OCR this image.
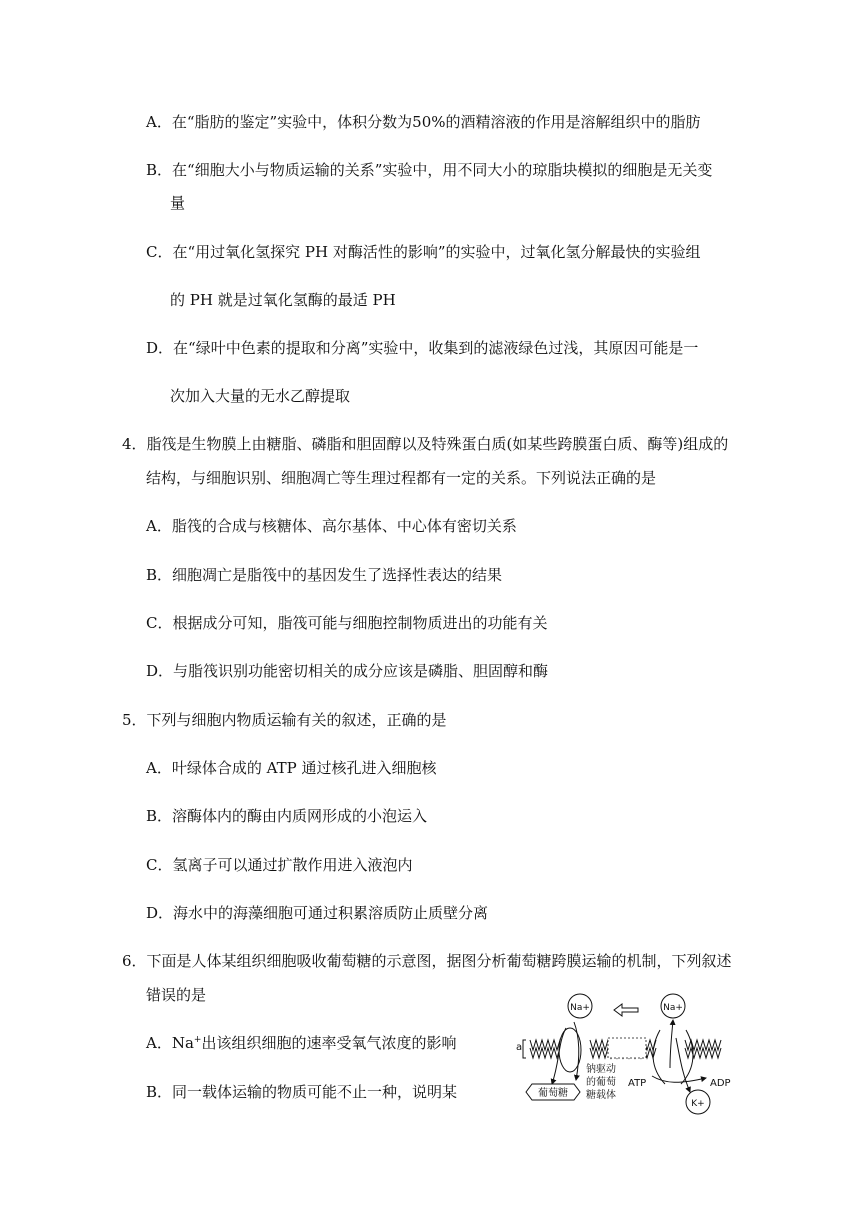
A．在“脂肪的鉴定”实验中，体积分数为50%的酒精溶液的作用是溶解组织中的脂肪
B．在“细胞大小与物质运输的关系”实验中，用不同大小的琼脂块模拟的细胞是无关变
量
C．在“用过氧化氢探究 PH 对酶活性的影响”的实验中，过氧化氢分解最快的实验组
的 PH 就是过氧化氢酶的最适 PH
D．在“绿叶中色素的提取和分离”实验中，收集到的滤液绿色过浅，其原因可能是一
次加入大量的无水乙醇提取
4．脂筏是生物膜上由糖脂、磷脂和胆固醇以及特殊蛋白质(如某些跨膜蛋白质、酶等)组成的
结构，与细胞识别、细胞凋亡等生理过程都有一定的关系。下列说法正确的是
A．脂筏的合成与核糖体、高尔基体、中心体有密切关系
B．细胞凋亡是脂筏中的基因发生了选择性表达的结果
C．根据成分可知，脂筏可能与细胞控制物质进出的功能有关
D．与脂筏识别功能密切相关的成分应该是磷脂、胆固醇和酶
5．下列与细胞内物质运输有关的叙述，正确的是
A．叶绿体合成的 ATP 通过核孔进入细胞核
B．溶酶体内的酶由内质网形成的小泡运入
C．氢离子可以通过扩散作用进入液泡内
D．海水中的海藻细胞可通过积累溶质防止质壁分离
6．下面是人体某组织细胞吸收葡萄糖的示意图，据图分析葡萄糖跨膜运输的机制，下列叙述
错误的是
A．Na+出该组织细胞的速率受氧气浓度的影响
B．同一载体运输的物质可能不止一种，说明某
Na+	Na+
a
钠驱动
的葡萄
糖载体
葡萄糖
ATP	ADP
K+
